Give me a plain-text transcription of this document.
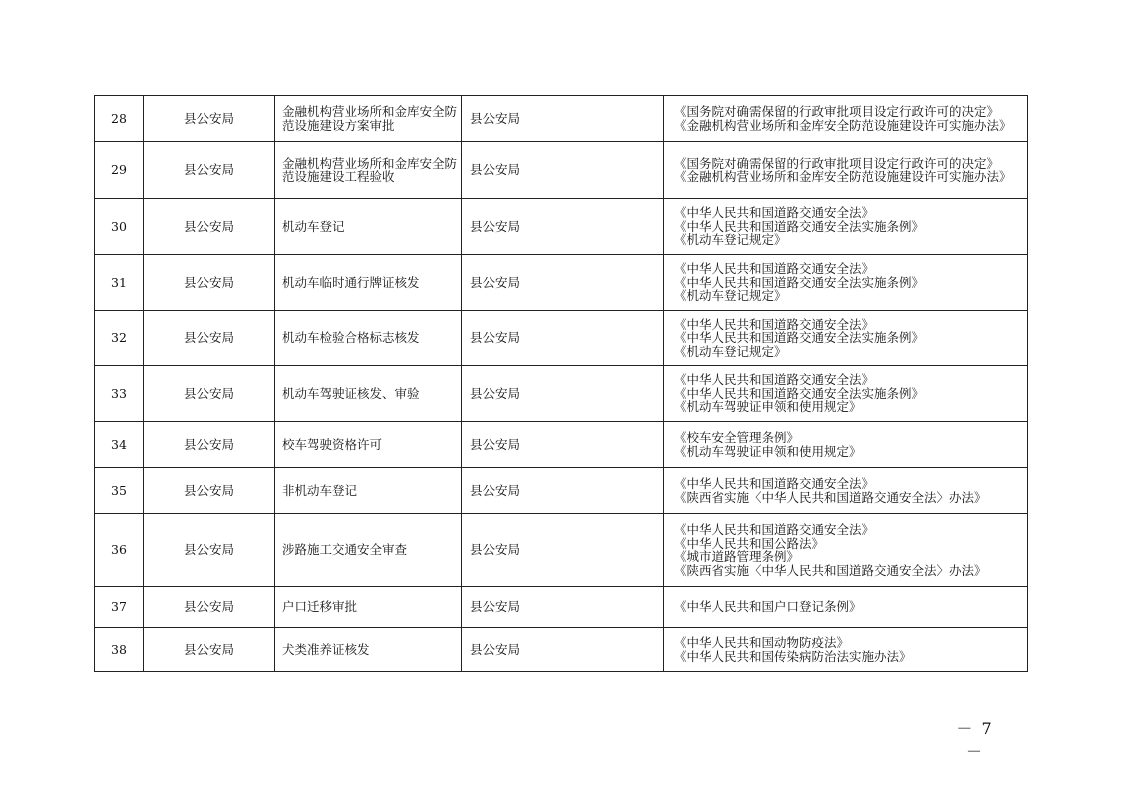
28	县公安局	金融机构营业场所和金库安全防范设施建设方案审批	县公安局	《国务院对确需保留的行政审批项目设定行政许可的决定》
《金融机构营业场所和金库安全防范设施建设许可实施办法》

29	县公安局	金融机构营业场所和金库安全防范设施建设工程验收	县公安局	《国务院对确需保留的行政审批项目设定行政许可的决定》
《金融机构营业场所和金库安全防范设施建设许可实施办法》

30	县公安局	机动车登记	县公安局	《中华人民共和国道路交通安全法》
《中华人民共和国道路交通安全法实施条例》
《机动车登记规定》

31	县公安局	机动车临时通行牌证核发	县公安局	《中华人民共和国道路交通安全法》
《中华人民共和国道路交通安全法实施条例》
《机动车登记规定》

32	县公安局	机动车检验合格标志核发	县公安局	《中华人民共和国道路交通安全法》
《中华人民共和国道路交通安全法实施条例》
《机动车登记规定》

33	县公安局	机动车驾驶证核发、审验	县公安局	《中华人民共和国道路交通安全法》
《中华人民共和国道路交通安全法实施条例》
《机动车驾驶证申领和使用规定》

34	县公安局	校车驾驶资格许可	县公安局	《校车安全管理条例》
《机动车驾驶证申领和使用规定》

35	县公安局	非机动车登记	县公安局	《中华人民共和国道路交通安全法》
《陕西省实施〈中华人民共和国道路交通安全法〉办法》

36	县公安局	涉路施工交通安全审查	县公安局	《中华人民共和国道路交通安全法》
《中华人民共和国公路法》
《城市道路管理条例》
《陕西省实施〈中华人民共和国道路交通安全法〉办法》

37	县公安局	户口迁移审批	县公安局	《中华人民共和国户口登记条例》

38	县公安局	犬类准养证核发	县公安局	《中华人民共和国动物防疫法》
《中华人民共和国传染病防治法实施办法》
－ 7 －
